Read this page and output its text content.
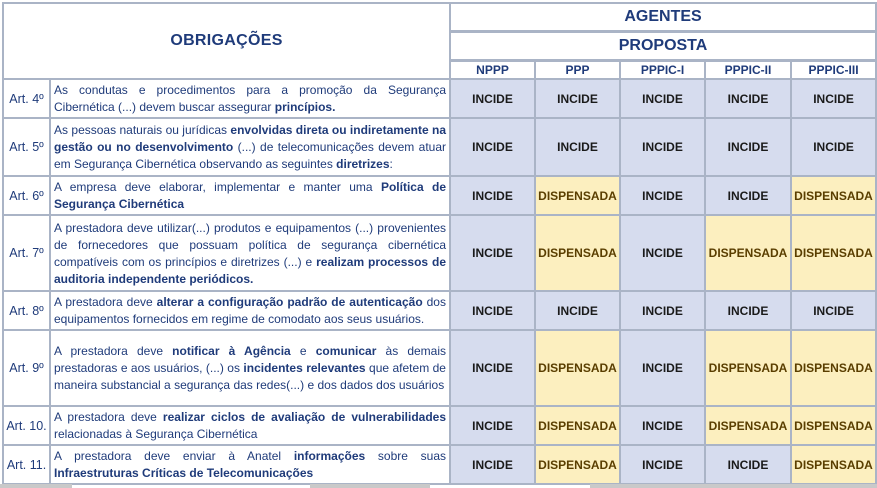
OBRIGAÇÕES		AGENTES				
		PROPOSTA				
		NPPP	PPP	PPPIC-I	PPPIC-II	PPPIC-III
Art. 4º	As condutas e procedimentos para a promoção da Segurança Cibernética (...) devem buscar assegurar princípios.	INCIDE	INCIDE	INCIDE	INCIDE	INCIDE
Art. 5º	As pessoas naturais ou jurídicas envolvidas direta ou indiretamente na gestão ou no desenvolvimento (...) de telecomunicações devem atuar em Segurança Cibernética observando as seguintes diretrizes:	INCIDE	INCIDE	INCIDE	INCIDE	INCIDE
Art. 6º	A empresa deve elaborar, implementar e manter uma Política de Segurança Cibernética	INCIDE	DISPENSADA	INCIDE	INCIDE	DISPENSADA
Art. 7º	A prestadora deve utilizar(...) produtos e equipamentos (...) provenientes de fornecedores que possuam política de segurança cibernética compatíveis com os princípios e diretrizes (...) e realizam processos de auditoria independente periódicos.	INCIDE	DISPENSADA	INCIDE	DISPENSADA	DISPENSADA
Art. 8º	A prestadora deve alterar a configuração padrão de autenticação dos equipamentos fornecidos em regime de comodato aos seus usuários.	INCIDE	INCIDE	INCIDE	INCIDE	INCIDE
Art. 9º	A prestadora deve notificar à Agência e comunicar às demais prestadoras e aos usuários, (...) os incidentes relevantes que afetem de maneira substancial a segurança das redes(...) e dos dados dos usuários	INCIDE	DISPENSADA	INCIDE	DISPENSADA	DISPENSADA
Art. 10.	A prestadora deve realizar ciclos de avaliação de vulnerabilidades relacionadas à Segurança Cibernética	INCIDE	DISPENSADA	INCIDE	DISPENSADA	DISPENSADA
Art. 11.	A prestadora deve enviar à Anatel informações sobre suas Infraestruturas Críticas de Telecomunicações	INCIDE	DISPENSADA	INCIDE	INCIDE	DISPENSADA
